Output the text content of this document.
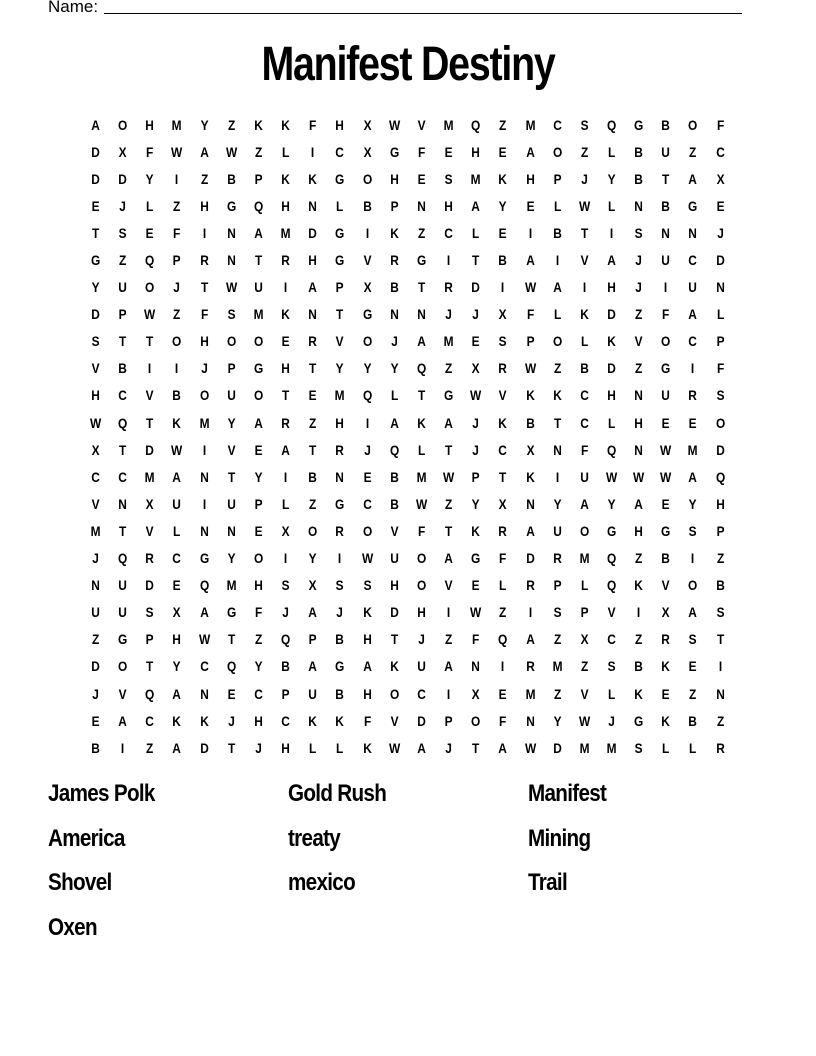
Name:
Manifest Destiny
A	O	H	M	Y	Z	K	K	F	H	X	W	V	M	Q	Z	M	C	S	Q	G	B	O	F
D	X	F	W	A	W	Z	L	I	C	X	G	F	E	H	E	A	O	Z	L	B	U	Z	C
D	D	Y	I	Z	B	P	K	K	G	O	H	E	S	M	K	H	P	J	Y	B	T	A	X
E	J	L	Z	H	G	Q	H	N	L	B	P	N	H	A	Y	E	L	W	L	N	B	G	E
T	S	E	F	I	N	A	M	D	G	I	K	Z	C	L	E	I	B	T	I	S	N	N	J
G	Z	Q	P	R	N	T	R	H	G	V	R	G	I	T	B	A	I	V	A	J	U	C	D
Y	U	O	J	T	W	U	I	A	P	X	B	T	R	D	I	W	A	I	H	J	I	U	N
D	P	W	Z	F	S	M	K	N	T	G	N	N	J	J	X	F	L	K	D	Z	F	A	L
S	T	T	O	H	O	O	E	R	V	O	J	A	M	E	S	P	O	L	K	V	O	C	P
V	B	I	I	J	P	G	H	T	Y	Y	Y	Q	Z	X	R	W	Z	B	D	Z	G	I	F
H	C	V	B	O	U	O	T	E	M	Q	L	T	G	W	V	K	K	C	H	N	U	R	S
W	Q	T	K	M	Y	A	R	Z	H	I	A	K	A	J	K	B	T	C	L	H	E	E	O
X	T	D	W	I	V	E	A	T	R	J	Q	L	T	J	C	X	N	F	Q	N	W	M	D
C	C	M	A	N	T	Y	I	B	N	E	B	M	W	P	T	K	I	U	W	W	W	A	Q
V	N	X	U	I	U	P	L	Z	G	C	B	W	Z	Y	X	N	Y	A	Y	A	E	Y	H
M	T	V	L	N	N	E	X	O	R	O	V	F	T	K	R	A	U	O	G	H	G	S	P
J	Q	R	C	G	Y	O	I	Y	I	W	U	O	A	G	F	D	R	M	Q	Z	B	I	Z
N	U	D	E	Q	M	H	S	X	S	S	H	O	V	E	L	R	P	L	Q	K	V	O	B
U	U	S	X	A	G	F	J	A	J	K	D	H	I	W	Z	I	S	P	V	I	X	A	S
Z	G	P	H	W	T	Z	Q	P	B	H	T	J	Z	F	Q	A	Z	X	C	Z	R	S	T
D	O	T	Y	C	Q	Y	B	A	G	A	K	U	A	N	I	R	M	Z	S	B	K	E	I
J	V	Q	A	N	E	C	P	U	B	H	O	C	I	X	E	M	Z	V	L	K	E	Z	N
E	A	C	K	K	J	H	C	K	K	F	V	D	P	O	F	N	Y	W	J	G	K	B	Z
B	I	Z	A	D	T	J	H	L	L	K	W	A	J	T	A	W	D	M	M	S	L	L	R
James Polk	Gold Rush	Manifest
America	treaty	Mining
Shovel	mexico	Trail
Oxen
